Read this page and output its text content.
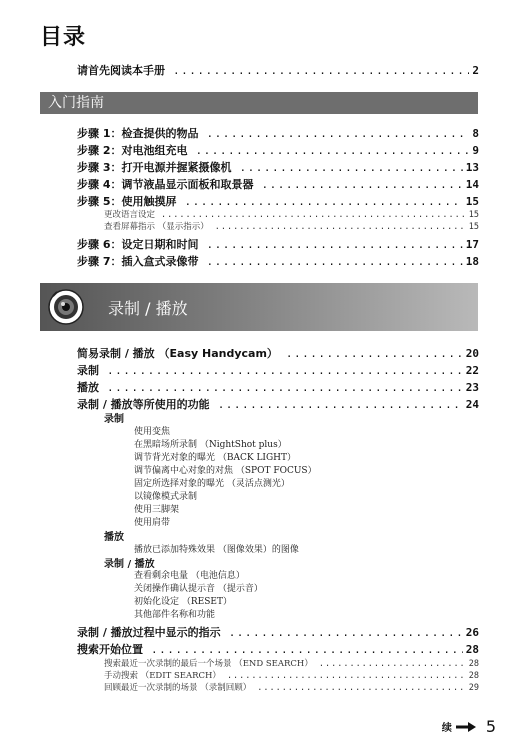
目录
请首先阅读本手册 .....	2
入门指南
步骤 1：检查提供的物品 .....	8
步骤 2：对电池组充电 .....	9
步骤 3：打开电源并握紧摄像机 .....	13
步骤 4：调节液晶显示面板和取景器 .....	14
步骤 5：使用触摸屏 .....	15
更改语言设定 .....	15
查看屏幕指示 （显示指示） .....	15
步骤 6：设定日期和时间 .....	17
步骤 7：插入盒式录像带 .....	18
录制 / 播放
简易录制 / 播放 （Easy Handycam） .....	20
录制 .....	22
播放 .....	23
录制 / 播放等所使用的功能 .....	24
录制
使用变焦
在黑暗场所录制 （NightShot plus）
调节背光对象的曝光 （BACK LIGHT）
调节偏离中心对象的对焦 （SPOT FOCUS）
固定所选择对象的曝光 （灵活点测光）
以镜像模式录制
使用三脚架
使用肩带
播放
播放已添加特殊效果 （图像效果）的图像
录制 / 播放
查看剩余电量 （电池信息）
关闭操作确认提示音 （提示音）
初始化设定 （RESET）
其他部件名称和功能
录制 / 播放过程中显示的指示 .....	26
搜索开始位置 .....	28
搜索最近一次录制的最后一个场景 （END SEARCH） .....	28
手动搜索 （EDIT SEARCH） .....	28
回顾最近一次录制的场景 （录制回顾） .....	29
续 5
